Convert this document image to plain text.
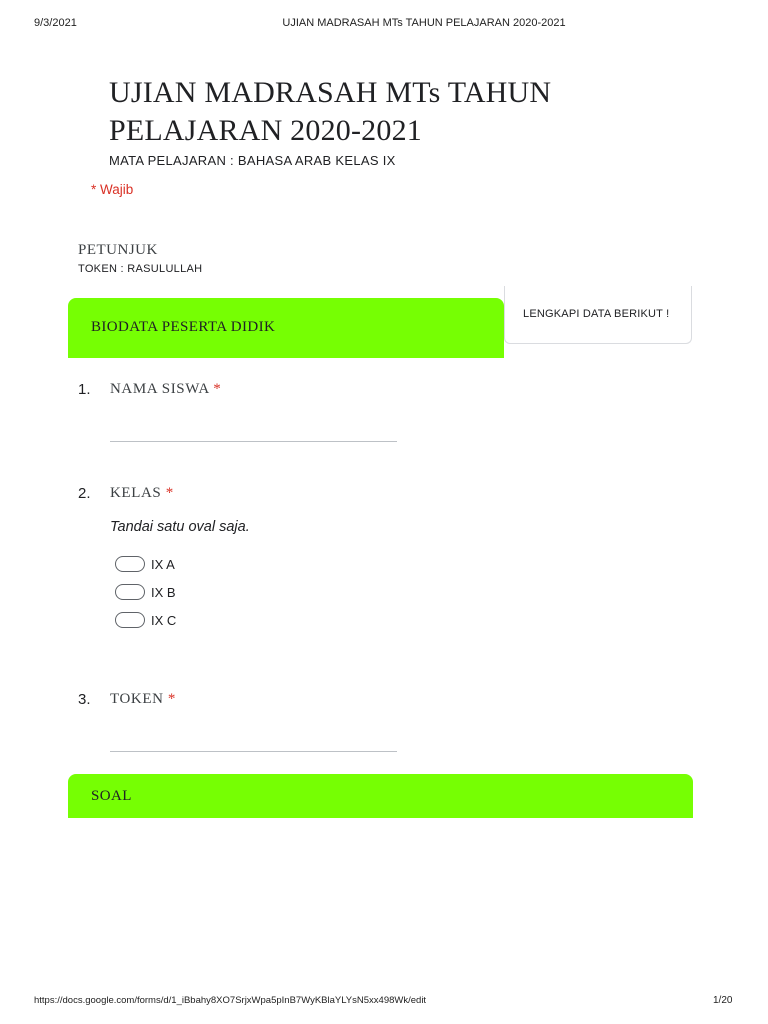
9/3/2021	UJIAN MADRASAH MTs TAHUN PELAJARAN 2020-2021
UJIAN MADRASAH MTs TAHUN PELAJARAN 2020-2021
MATA PELAJARAN : BAHASA ARAB KELAS IX
* Wajib
PETUNJUK
TOKEN : RASULULLAH
LENGKAPI DATA BERIKUT !
BIODATA PESERTA DIDIK
1. NAMA SISWA *
2. KELAS *
Tandai satu oval saja.
IX A
IX B
IX C
3. TOKEN *
SOAL
https://docs.google.com/forms/d/1_iBbahy8XO7SrjxWpa5pInB7WyKBlaYLYsN5xx498Wk/edit	1/20
